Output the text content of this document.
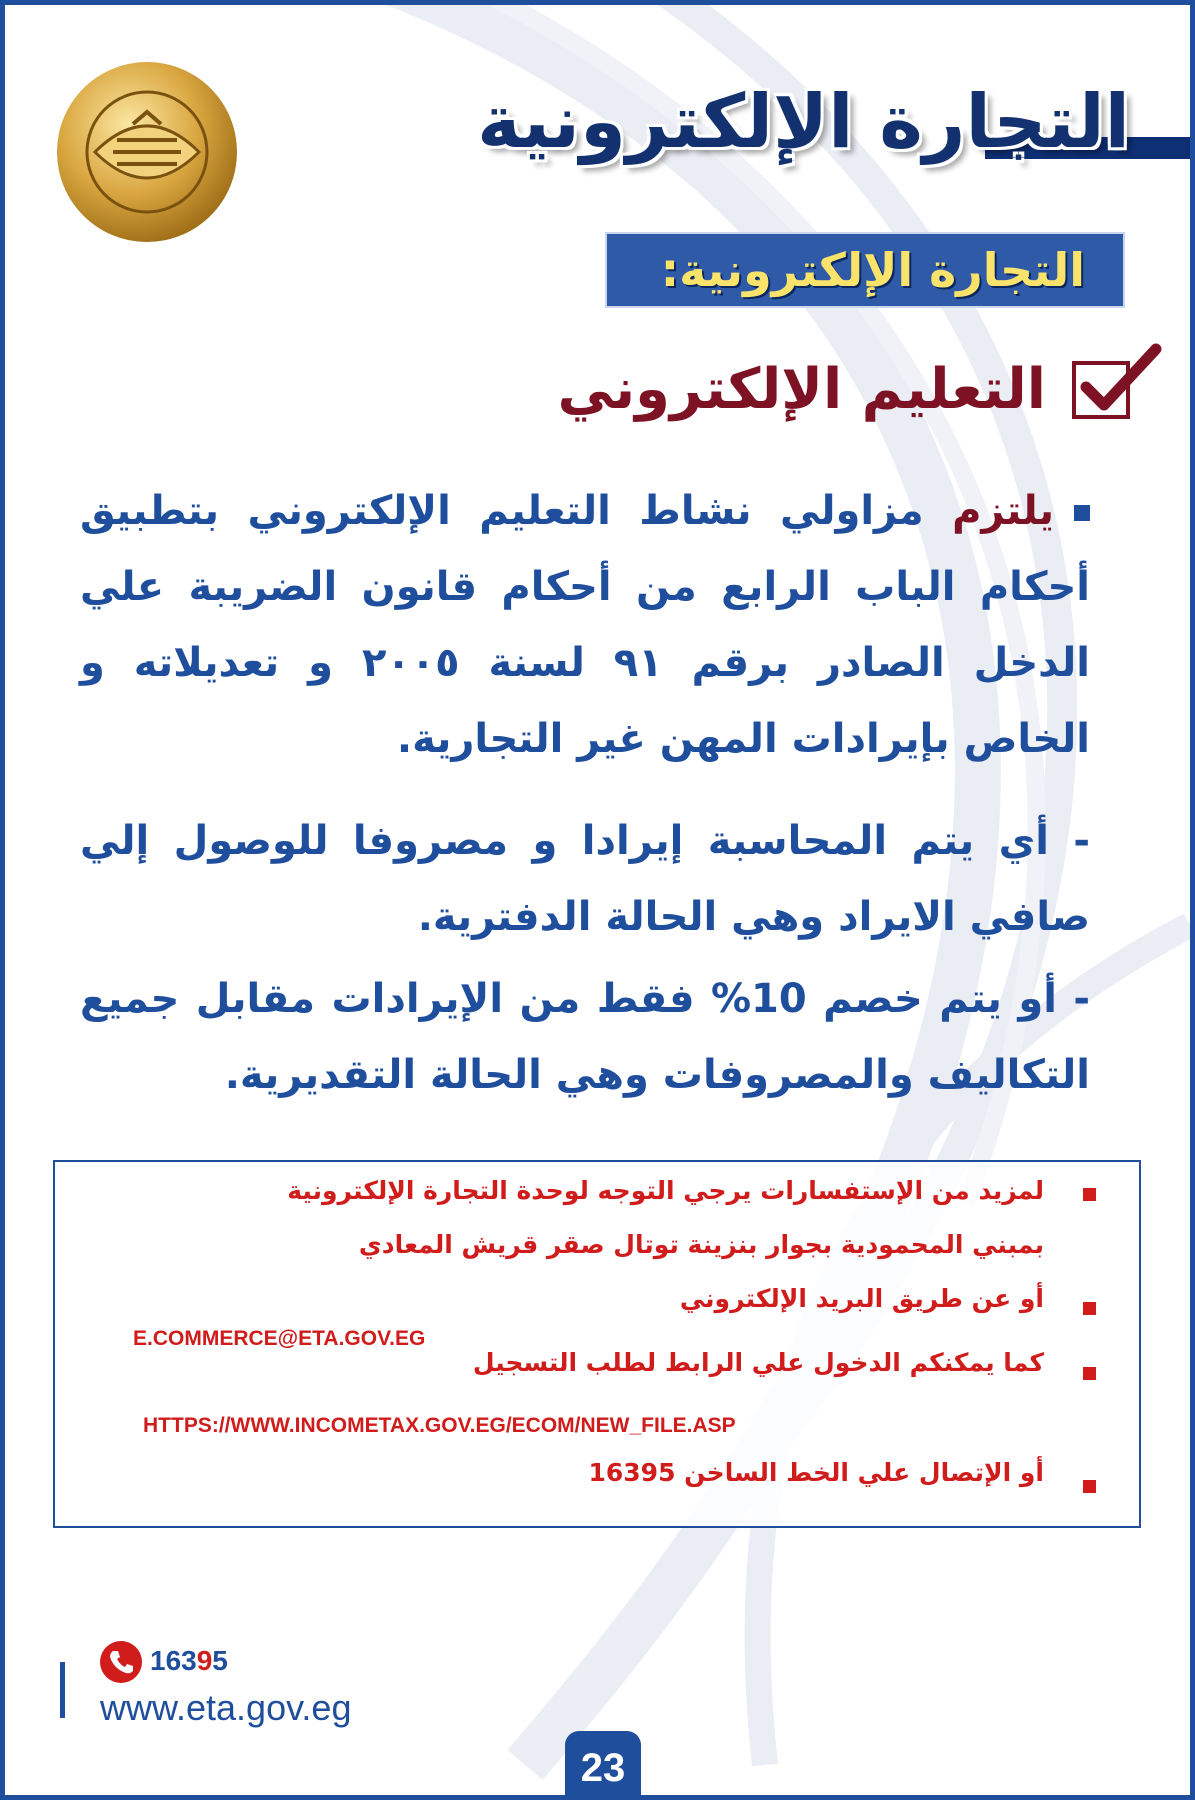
التجارة الإلكترونية
التجارة الإلكترونية:
التعليم الإلكتروني
يلتزم مزاولي نشاط التعليم الإلكتروني بتطبيق أحكام الباب الرابع من أحكام قانون الضريبة علي الدخل الصادر برقم ٩١ لسنة ٢٠٠٥ و تعديلاته و الخاص بإيرادات المهن غير التجارية.
- أي يتم المحاسبة إيرادا و مصروفا للوصول إلي صافي الايراد وهي الحالة الدفترية.
- أو يتم خصم 10% فقط من الإيرادات مقابل جميع التكاليف والمصروفات وهي الحالة التقديرية.
لمزيد من الإستفسارات يرجي التوجه لوحدة التجارة الإلكترونية
بمبني المحمودية بجوار بنزينة توتال صقر قريش المعادي
أو عن طريق البريد الإلكتروني
E.COMMERCE@ETA.GOV.EG
كما يمكنكم الدخول علي الرابط لطلب التسجيل
HTTPS://WWW.INCOMETAX.GOV.EG/ECOM/NEW_FILE.ASP
أو الإتصال علي الخط الساخن 16395
16395
www.eta.gov.eg
23
